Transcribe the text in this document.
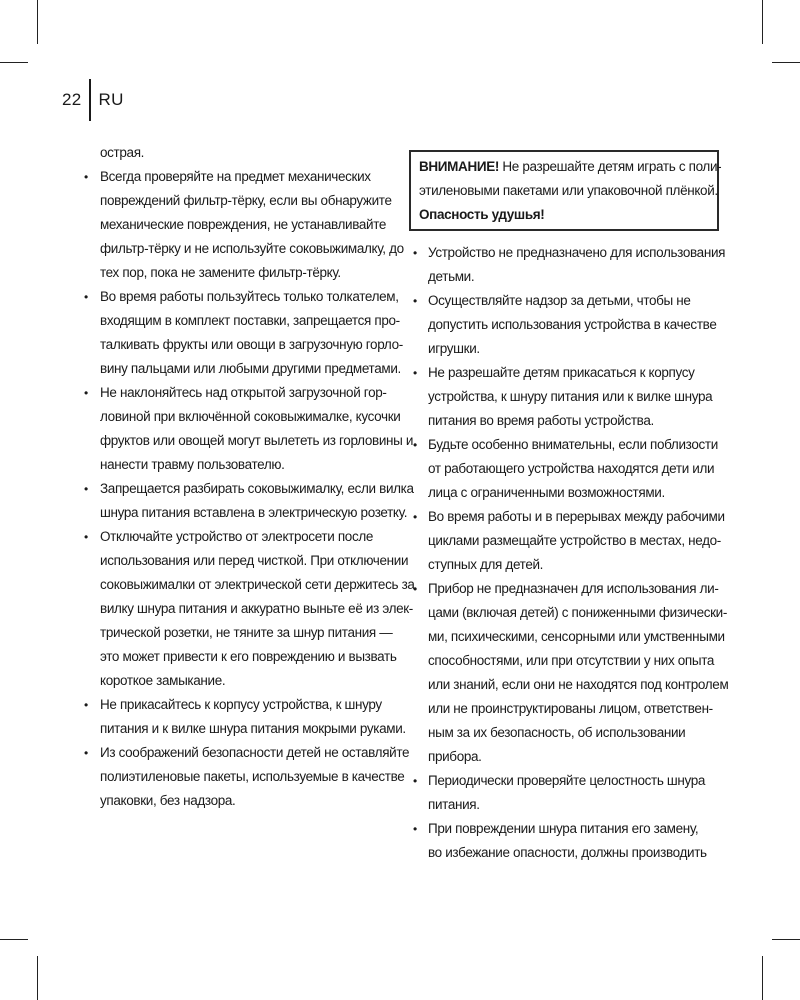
22	RU
острая.
• Всегда проверяйте на предмет механических
повреждений фильтр-тёрку, если вы обнаружите
механические повреждения, не устанавливайте
фильтр-тёрку и не используйте соковыжималку, до
тех пор, пока не замените фильтр-тёрку.
• Во время работы пользуйтесь только толкателем,
входящим в комплект поставки, запрещается про-
талкивать фрукты или овощи в загрузочную горло-
вину пальцами или любыми другими предметами.
• Не наклоняйтесь над открытой загрузочной гор-
ловиной при включённой соковыжималке, кусочки
фруктов или овощей могут вылететь из горловины и
нанести травму пользователю.
• Запрещается разбирать соковыжималку, если вилка
шнура питания вставлена в электрическую розетку.
• Отключайте устройство от электросети после
использования или перед чисткой. При отключении
соковыжималки от электрической сети держитесь за
вилку шнура питания и аккуратно выньте её из элек-
трической розетки, не тяните за шнур питания —
это может привести к его повреждению и вызвать
короткое замыкание.
• Не прикасайтесь к корпусу устройства, к шнуру
питания и к вилке шнура питания мокрыми руками.
• Из соображений безопасности детей не оставляйте
полиэтиленовые пакеты, используемые в качестве
упаковки, без надзора.
ВНИМАНИЕ! Не разрешайте детям играть с поли-
этиленовыми пакетами или упаковочной плёнкой.
Опасность удушья!
• Устройство не предназначено для использования
детьми.
• Осуществляйте надзор за детьми, чтобы не
допустить использования устройства в качестве
игрушки.
• Не разрешайте детям прикасаться к корпусу
устройства, к шнуру питания или к вилке шнура
питания во время работы устройства.
• Будьте особенно внимательны, если поблизости
от работающего устройства находятся дети или
лица с ограниченными возможностями.
• Во время работы и в перерывах между рабочими
циклами размещайте устройство в местах, недо-
ступных для детей.
• Прибор не предназначен для использования ли-
цами (включая детей) с пониженными физически-
ми, психическими, сенсорными или умственными
способностями, или при отсутствии у них опыта
или знаний, если они не находятся под контролем
или не проинструктированы лицом, ответствен-
ным за их безопасность, об использовании
прибора.
• Периодически проверяйте целостность шнура
питания.
• При повреждении шнура питания его замену,
во избежание опасности, должны производить
